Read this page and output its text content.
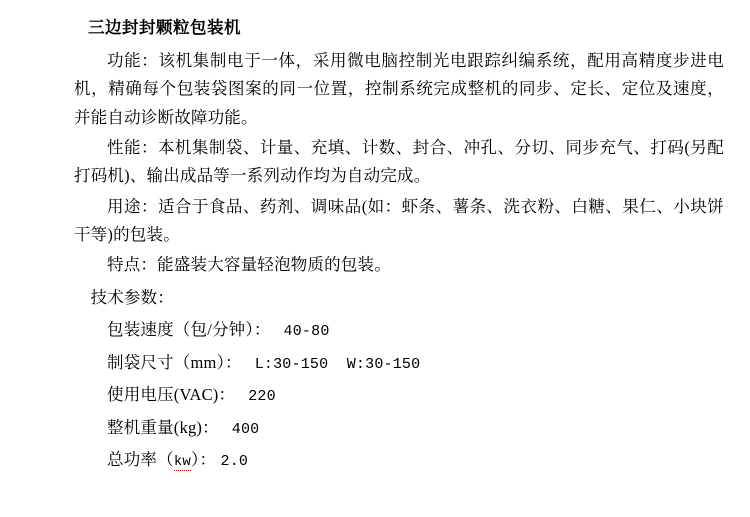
三边封封颗粒包装机

功能：该机集制电于一体，采用微电脑控制光电跟踪纠编系统，配用高精度步进电机，精确每个包装袋图案的同一位置，控制系统完成整机的同步、定长、定位及速度，并能自动诊断故障功能。

性能：本机集制袋、计量、充填、计数、封合、冲孔、分切、同步充气、打码(另配打码机)、输出成品等一系列动作均为自动完成。

用途：适合于食品、药剂、调味品(如：虾条、薯条、洗衣粉、白糖、果仁、小块饼干等)的包装。

特点：能盛装大容量轻泡物质的包装。

技术参数：

包装速度（包/分钟）： 40-80

制袋尺寸（mm）： L:30-150  W:30-150

使用电压(VAC)： 220

整机重量(kg)： 400

总功率（kw）： 2.0
